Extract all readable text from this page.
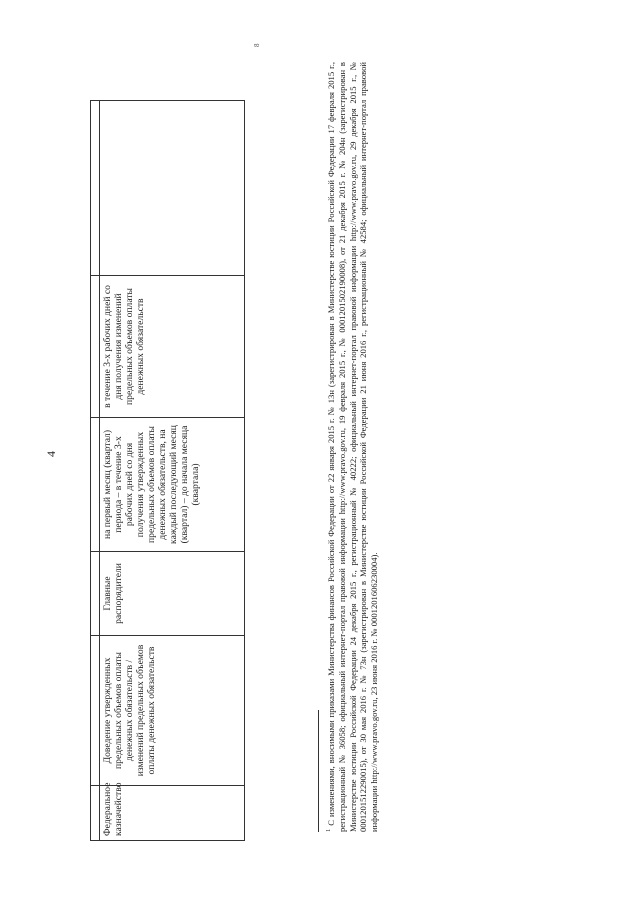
4
8

Федеральное казначейство	Доведение утвержденных предельных объемов оплаты денежных обязательств / изменений предельных объемов оплаты денежных обязательств	Главные распорядители	на первый месяц (квартал) периода – в течение 3-х рабочих дней со дня получения утвержденных предельных объемов оплаты денежных обязательств, на каждый последующий месяц (квартал) – до начала месяца (квартала)	в течение 3-х рабочих дней со дня получения изменений предельных объемов оплаты денежных обязательств	
$^1$ С изменениями, вносимыми приказами Министерства финансов Российской Федерации от 22 января 2015 г. № 13н (зарегистрирован в Министерстве юстиции Российской Федерации 17 февраля 2015 г., регистрационный № 36058; официальный интернет-портал правовой информации http://www.pravo.gov.ru, 19 февраля 2015 г., № 0001201502190008), от 21 декабря 2015 г. № 204н (зарегистрирован в Министерстве юстиции Российской Федерации 24 декабря 2015 г., регистрационный № 40222; официальный интернет-портал правовой информации http://www.pravo.gov.ru, 29 декабря 2015 г., № 0001201512290015), от 30 мая 2016 г. № 73н (зарегистрирован в Министерстве юстиции Российской Федерации 21 июня 2016 г., регистрационный № 42584; официальный интернет-портал правовой информации http://www.pravo.gov.ru, 23 июня 2016 г. № 0001201606230004).
